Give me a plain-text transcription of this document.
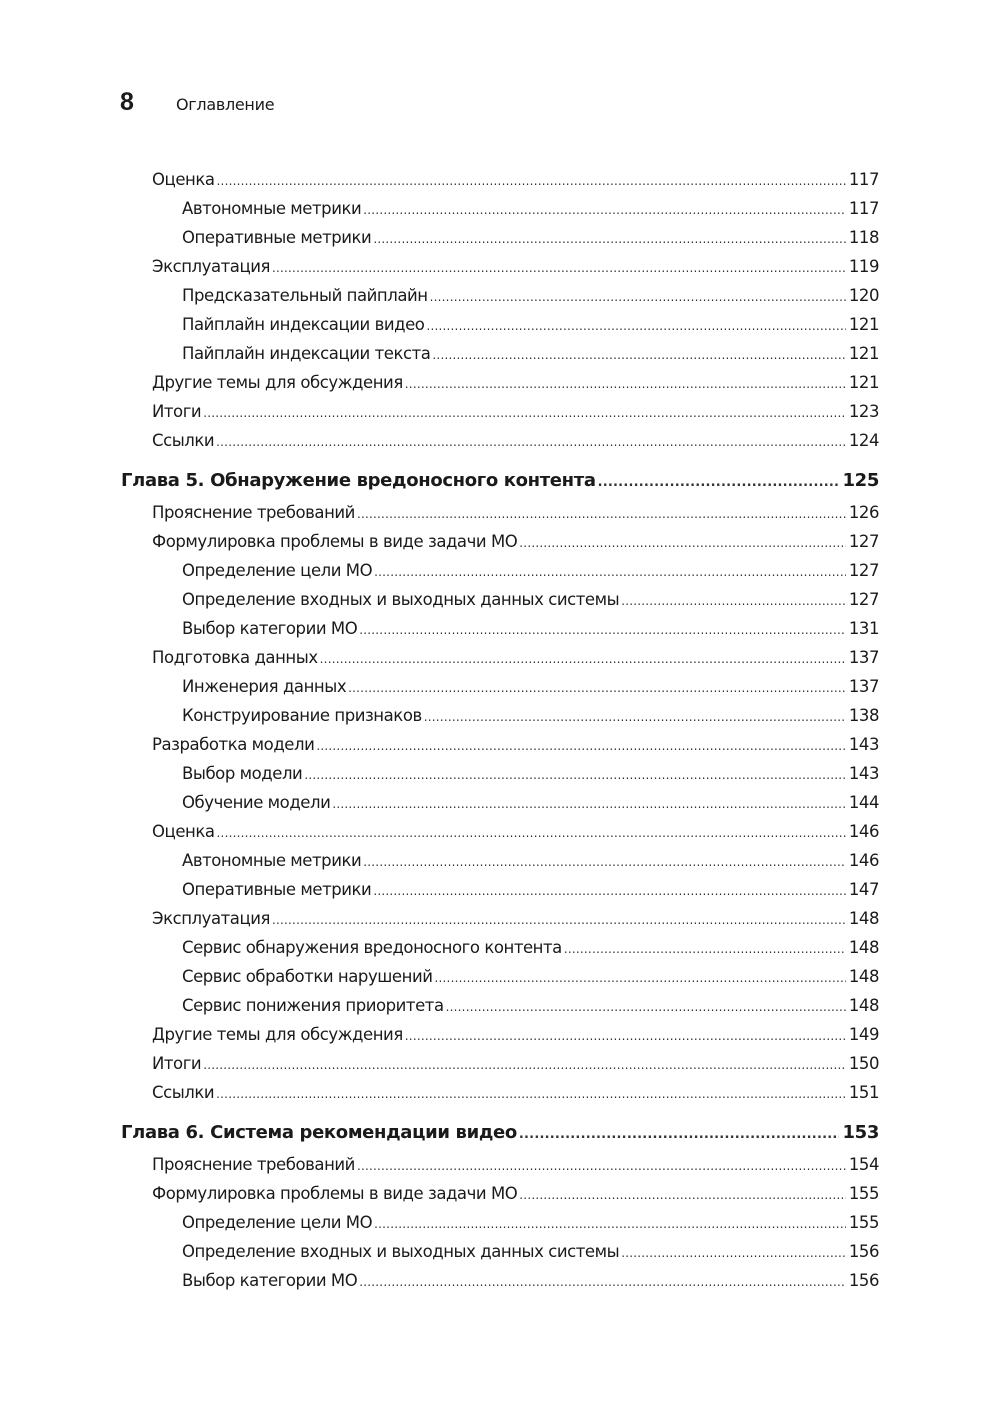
8	Оглавление
Оценка .....	117
Автономные метрики .....	117
Оперативные метрики .....	118
Эксплуатация .....	119
Предсказательный пайплайн .....	120
Пайплайн индексации видео .....	121
Пайплайн индексации текста .....	121
Другие темы для обсуждения .....	121
Итоги .....	123
Ссылки .....	124
Глава 5. Обнаружение вредоносного контента .....	125
Прояснение требований .....	126
Формулировка проблемы в виде задачи МО .....	127
Определение цели МО .....	127
Определение входных и выходных данных системы .....	127
Выбор категории МО .....	131
Подготовка данных .....	137
Инженерия данных .....	137
Конструирование признаков .....	138
Разработка модели .....	143
Выбор модели .....	143
Обучение модели .....	144
Оценка .....	146
Автономные метрики .....	146
Оперативные метрики .....	147
Эксплуатация .....	148
Сервис обнаружения вредоносного контента .....	148
Сервис обработки нарушений .....	148
Сервис понижения приоритета .....	148
Другие темы для обсуждения .....	149
Итоги .....	150
Ссылки .....	151
Глава 6. Система рекомендации видео .....	153
Прояснение требований .....	154
Формулировка проблемы в виде задачи МО .....	155
Определение цели МО .....	155
Определение входных и выходных данных системы .....	156
Выбор категории МО .....	156
